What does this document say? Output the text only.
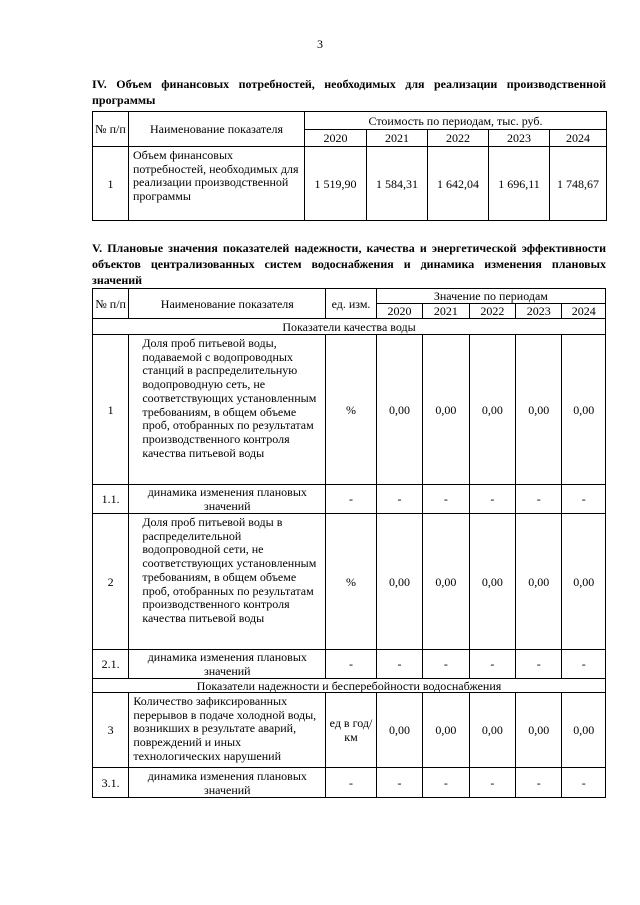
3
IV. Объем финансовых потребностей, необходимых для реализации производственной программы
№ п/п	Наименование показателя	Стоимость по периодам, тыс. руб.				
		2020	2021	2022	2023	2024
1	Объем финансовых потребностей, необходимых для реализации производственной программы	1 519,90	1 584,31	1 642,04	1 696,11	1 748,67
V. Плановые значения показателей надежности, качества и энергетической эффективности объектов централизованных систем водоснабжения и динамика изменения плановых значений
№ п/п	Наименование показателя	ед. изм.	Значение по периодам				
			2020	2021	2022	2023	2024
Показатели качества воды							
1	Доля проб питьевой воды, подаваемой с водопроводных станций в распределительную водопроводную сеть, не соответствующих установленным требованиям, в общем объеме проб, отобранных по результатам производственного контроля качества питьевой воды	%	0,00	0,00	0,00	0,00	0,00
1.1.	динамика изменения плановых значений	-	-	-	-	-	-
2	Доля проб питьевой воды в распределительной водопроводной сети, не соответствующих установленным требованиям, в общем объеме проб, отобранных по результатам производственного контроля качества питьевой воды	%	0,00	0,00	0,00	0,00	0,00
2.1.	динамика изменения плановых значений	-	-	-	-	-	-
Показатели надежности и бесперебойности водоснабжения							
3	Количество зафиксированных перерывов в подаче холодной воды, возникших в результате аварий, повреждений и иных технологических нарушений	ед в год/ км	0,00	0,00	0,00	0,00	0,00
3.1.	динамика изменения плановых значений	-	-	-	-	-	-
